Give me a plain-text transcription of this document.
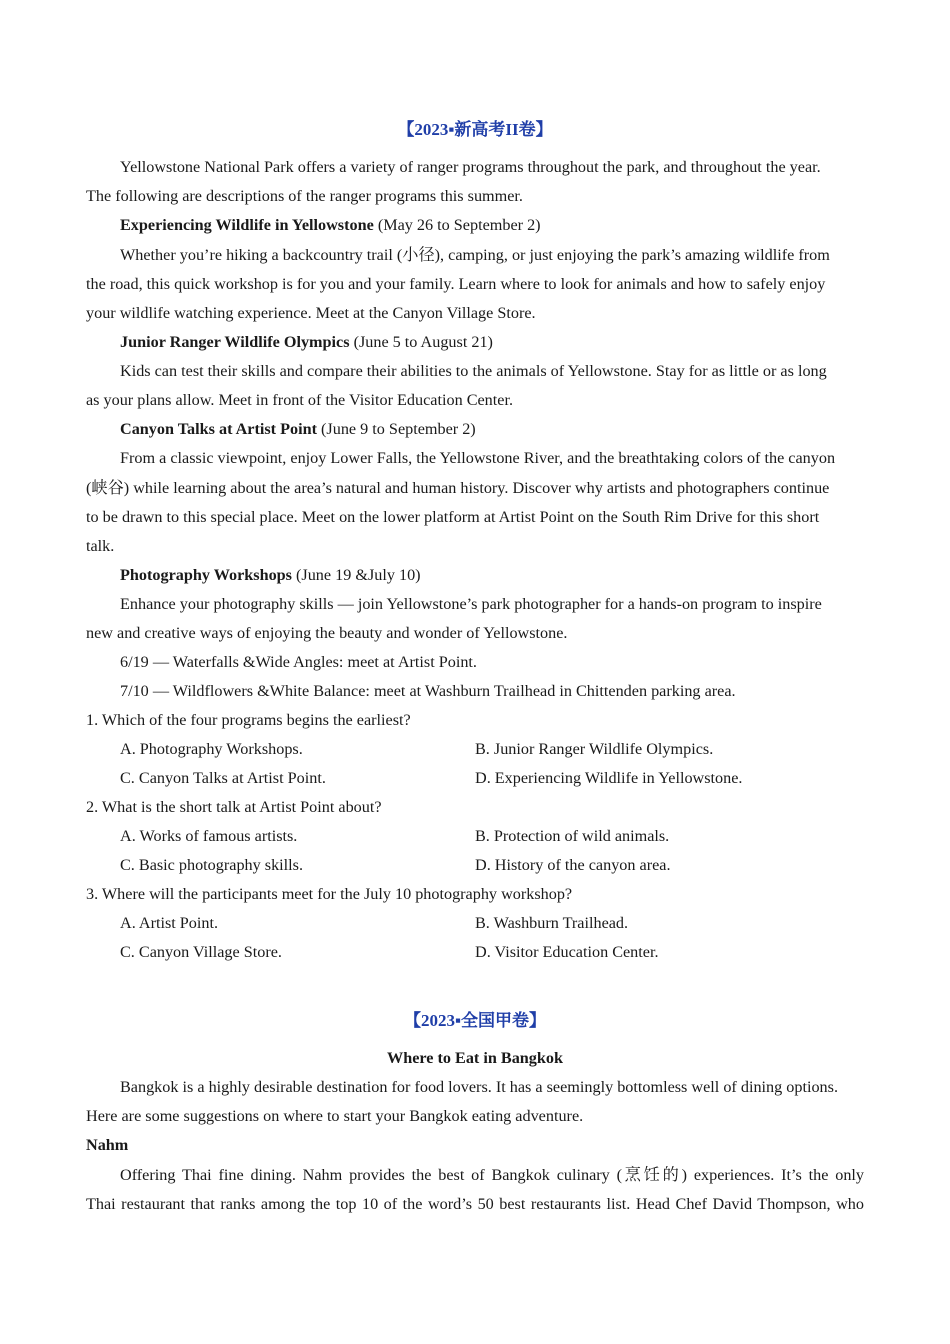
【2023▪新高考II卷】
Yellowstone National Park offers a variety of ranger programs throughout the park, and throughout the year.
The following are descriptions of the ranger programs this summer.
Experiencing Wildlife in Yellowstone (May 26 to September 2)
Whether you’re hiking a backcountry trail (小径), camping, or just enjoying the park’s amazing wildlife from
the road, this quick workshop is for you and your family. Learn where to look for animals and how to safely enjoy
your wildlife watching experience. Meet at the Canyon Village Store.
Junior Ranger Wildlife Olympics (June 5 to August 21)
Kids can test their skills and compare their abilities to the animals of Yellowstone. Stay for as little or as long
as your plans allow. Meet in front of the Visitor Education Center.
Canyon Talks at Artist Point (June 9 to September 2)
From a classic viewpoint, enjoy Lower Falls, the Yellowstone River, and the breathtaking colors of the canyon
(峡谷) while learning about the area’s natural and human history. Discover why artists and photographers continue
to be drawn to this special place. Meet on the lower platform at Artist Point on the South Rim Drive for this short
talk.
Photography Workshops (June 19 &July 10)
Enhance your photography skills — join Yellowstone’s park photographer for a hands-on program to inspire
new and creative ways of enjoying the beauty and wonder of Yellowstone.
6/19 — Waterfalls &Wide Angles: meet at Artist Point.
7/10 — Wildflowers &White Balance: meet at Washburn Trailhead in Chittenden parking area.
1. Which of the four programs begins the earliest?
A. Photography Workshops.	B. Junior Ranger Wildlife Olympics.
C. Canyon Talks at Artist Point.	D. Experiencing Wildlife in Yellowstone.
2. What is the short talk at Artist Point about?
A. Works of famous artists.	B. Protection of wild animals.
C. Basic photography skills.	D. History of the canyon area.
3. Where will the participants meet for the July 10 photography workshop?
A. Artist Point.	B. Washburn Trailhead.
C. Canyon Village Store.	D. Visitor Education Center.
【2023▪全国甲卷】
Where to Eat in Bangkok
Bangkok is a highly desirable destination for food lovers. It has a seemingly bottomless well of dining options.
Here are some suggestions on where to start your Bangkok eating adventure.
Nahm
Offering Thai fine dining. Nahm provides the best of Bangkok culinary (烹饪的) experiences. It’s the only
Thai restaurant that ranks among the top 10 of the word’s 50 best restaurants list. Head Chef David Thompson, who
